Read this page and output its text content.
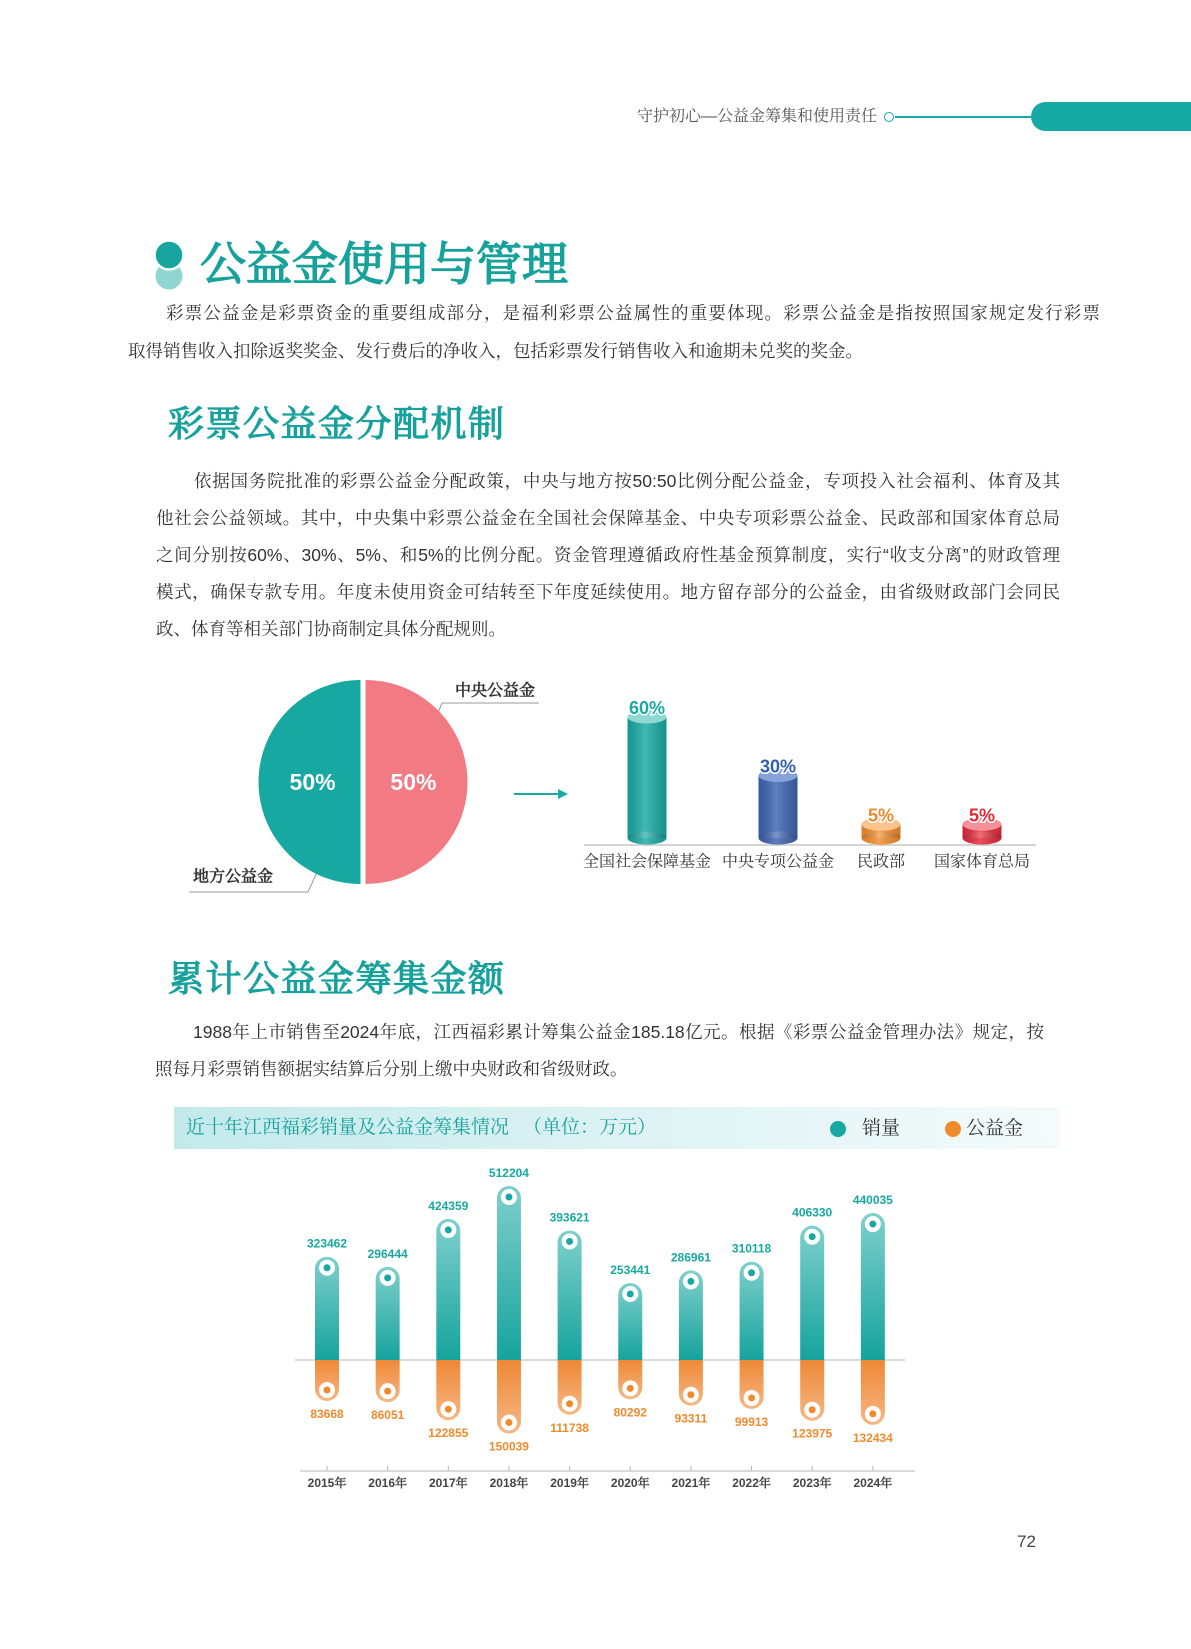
守护初心—公益金筹集和使用责任
公益金使用与管理
彩票公益金是彩票资金的重要组成部分，是福利彩票公益属性的重要体现。彩票公益金是指按照国家规定发行彩票
取得销售收入扣除返奖奖金、发行费后的净收入，包括彩票发行销售收入和逾期未兑奖的奖金。
彩票公益金分配机制
依据国务院批准的彩票公益金分配政策，中央与地方按50:50比例分配公益金，专项投入社会福利、体育及其
他社会公益领域。其中，中央集中彩票公益金在全国社会保障基金、中央专项彩票公益金、民政部和国家体育总局
之间分别按60%、30%、5%、和5%的比例分配。资金管理遵循政府性基金预算制度，实行“收支分离”的财政管理
模式，确保专款专用。年度未使用资金可结转至下年度延续使用。地方留存部分的公益金，由省级财政部门会同民
政、体育等相关部门协商制定具体分配规则。
中央公益金
地方公益金
50%
50%
60%
全国社会保障基金
30%
中央专项公益金
5%
民政部
5%
国家体育总局
累计公益金筹集金额
1988年上市销售至2024年底，江西福彩累计筹集公益金185.18亿元。根据《彩票公益金管理办法》规定，按
照每月彩票销售额据实结算后分别上缴中央财政和省级财政。
近十年江西福彩销量及公益金筹集情况 （单位：万元）	销量	公益金
323462
83668
2015年
296444
86051
2016年
424359
122855
2017年
512204
150039
2018年
393621
111738
2019年
253441
80292
2020年
286961
93311
2021年
310118
99913
2022年
406330
123975
2023年
440035
132434
2024年
72
